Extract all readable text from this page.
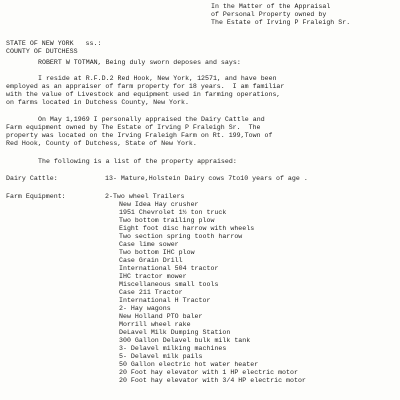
In the Matter of the Appraisal
of Personal Property owned by
The Estate of Irving P Fraleigh Sr.
STATE OF NEW YORK   ss.:
COUNTY OF DUTCHESS
ROBERT W TOTMAN, Being duly sworn deposes and says:
I reside at R.F.D.2 Red Hook, New York, 12571, and have been
employed as an appraiser of farm property for 18 years.  I am familiar
with the value of Livestock and equipment used in farming operations,
on farms located in Dutchess County, New York.
On May 1,1969 I personally appraised the Dairy Cattle and
Farm equipment owned by The Estate of Irving P Fraleigh Sr.  The
property was located on the Irving Fraleigh Farm on Rt. 199,Town of
Red Hook, County of Dutchess, State of New York.
The following is a list of the property appraised:
Dairy Cattle:	13- Mature,Holstein Dairy cows 7to10 years of age .
Farm Equipment:	2-Two wheel Trailers
New Idea Hay crusher
1951 Chevrolet 1½ ton truck
Two bottom trailing plow
Eight foot disc harrow with wheels
Two section spring tooth harrow
Case lime sower
Two bottom IHC plow
Case Grain Drill
International 504 tractor
IHC tractor mower
Miscellaneous small tools
Case 211 Tractor
International H Tractor
2- Hay wagons
New Holland PTO baler
Morrill wheel rake
DeLavel Milk Dumping Station
300 Gallon Delavel bulk milk tank
3- Delavel milking machines
5- Delavel milk pails
50 Gallon electric hot water heater
20 Foot hay elevator with 1 HP electric motor
20 Foot hay elevator with 3/4 HP electric motor
